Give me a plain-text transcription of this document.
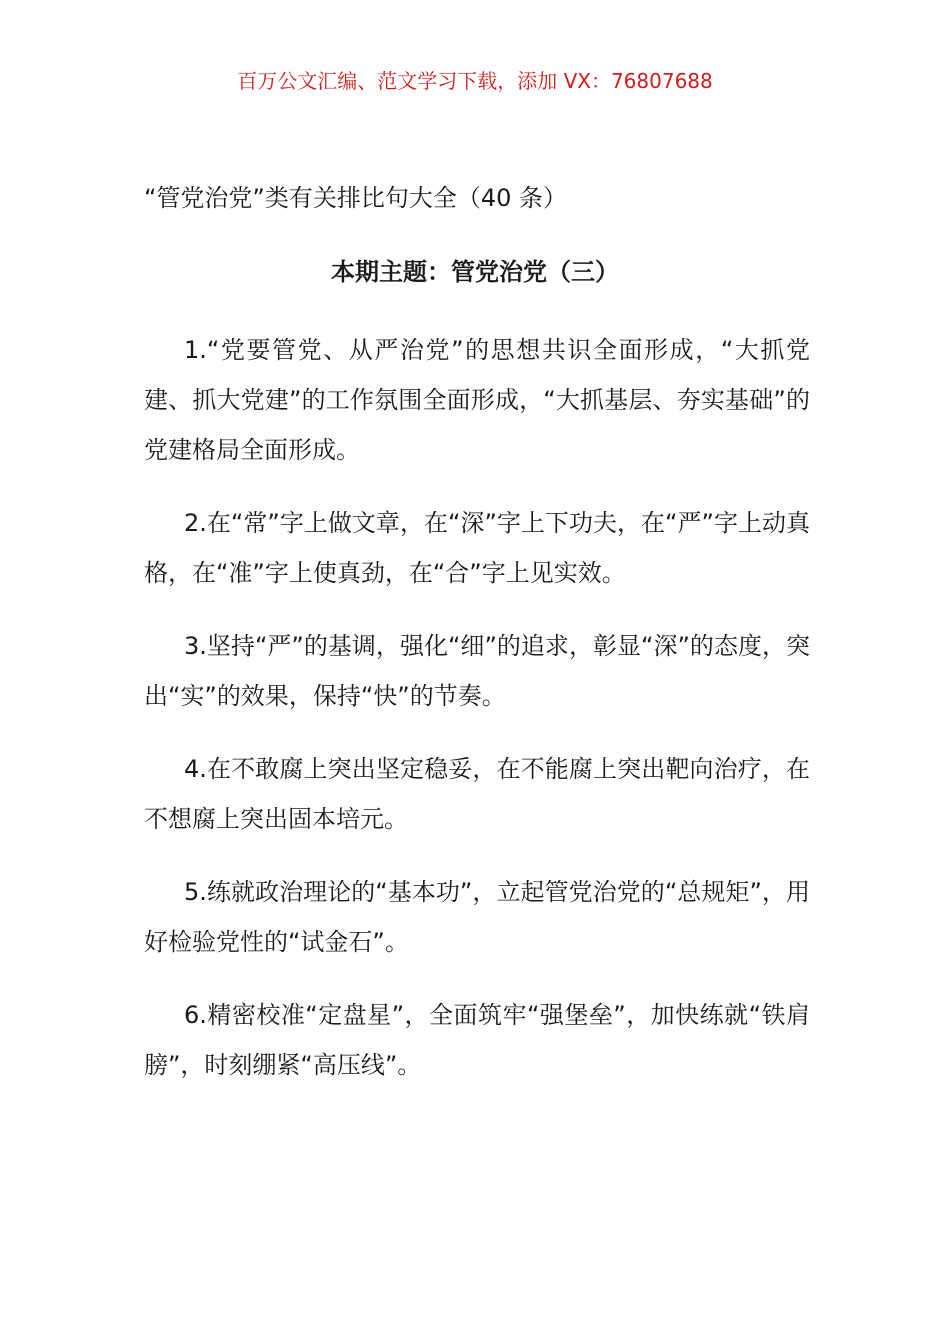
百万公文汇编、范文学习下载，添加 VX：76807688
“管党治党”类有关排比句大全（40 条）
本期主题：管党治党（三）

1.“党要管党、从严治党”的思想共识全面形成，“大抓党建、抓大党建”的工作氛围全面形成，“大抓基层、夯实基础”的党建格局全面形成。

2.在“常”字上做文章，在“深”字上下功夫，在“严”字上动真格，在“准”字上使真劲，在“合”字上见实效。

3.坚持“严”的基调，强化“细”的追求，彰显“深”的态度，突出“实”的效果，保持“快”的节奏。

4.在不敢腐上突出坚定稳妥，在不能腐上突出靶向治疗，在不想腐上突出固本培元。

5.练就政治理论的“基本功”，立起管党治党的“总规矩”，用好检验党性的“试金石”。

6.精密校准“定盘星”，全面筑牢“强堡垒”，加快练就“铁肩膀”，时刻绷紧“高压线”。
